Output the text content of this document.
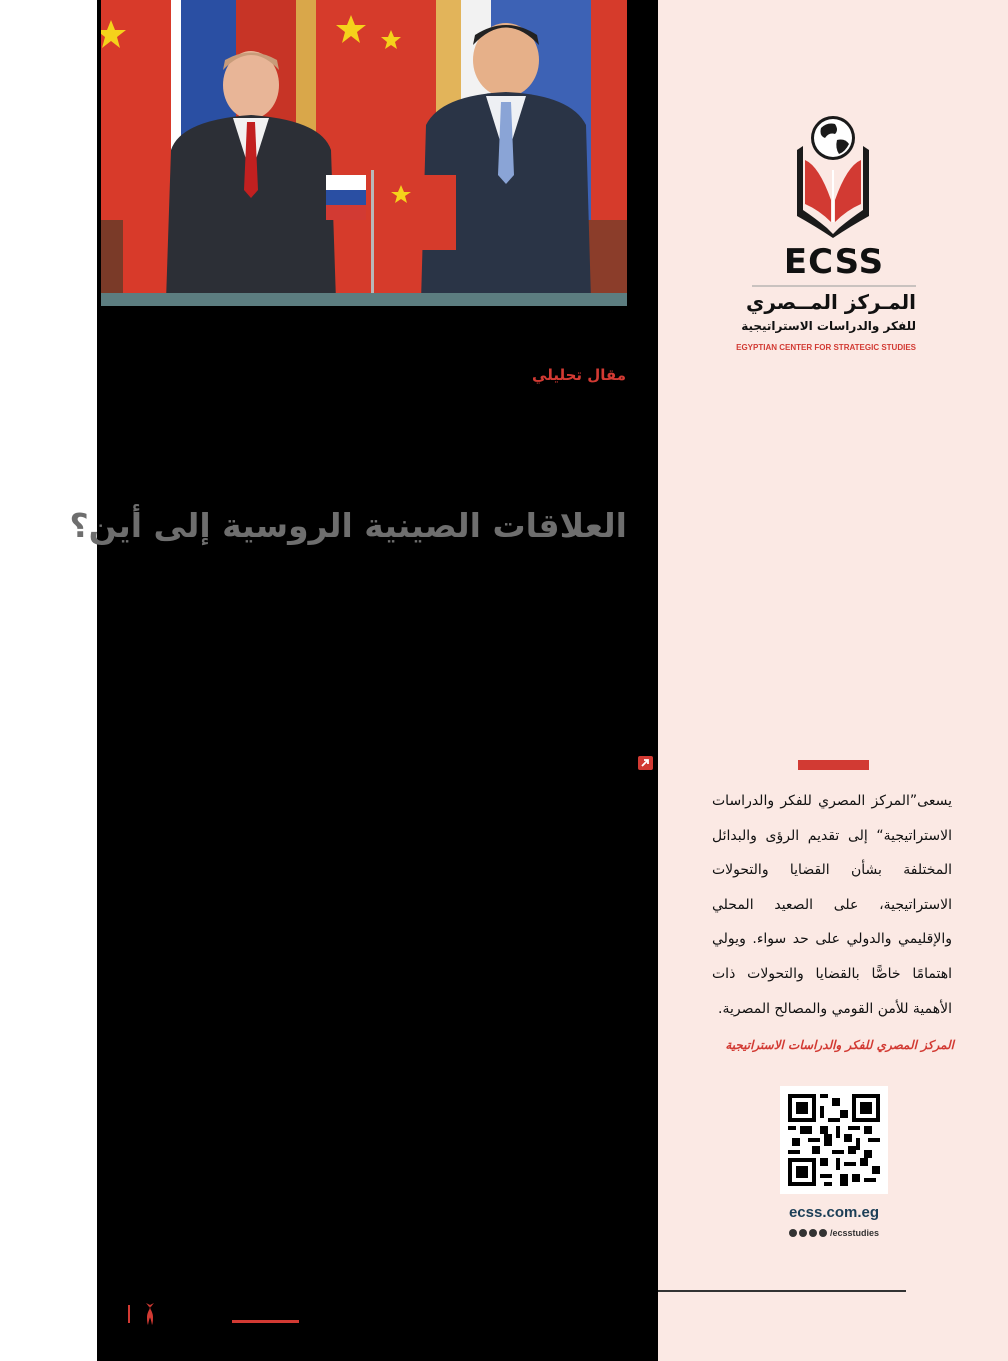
مقال تحليلي
العلاقات الصينية الروسية إلى أين؟
ECSS
المـركز المــصري
للفكر والدراسات الاستراتيجية
EGYPTIAN CENTER FOR STRATEGIC STUDIES

يسعى”المركز المصري للفكر والدراسات الاستراتيجية“ إلى تقديم الرؤى والبدائل المختلفة بشأن القضايا والتحولات الاستراتيجية، على الصعيد المحلي والإقليمي والدولي على حد سواء. ويولي اهتمامًا خاصًّا بالقضايا والتحولات ذات الأهمية للأمن القومي والمصالح المصرية.

المركز المصري للفكر والدراسات الاستراتيجية
ecss.com.eg
/ecsstudies
